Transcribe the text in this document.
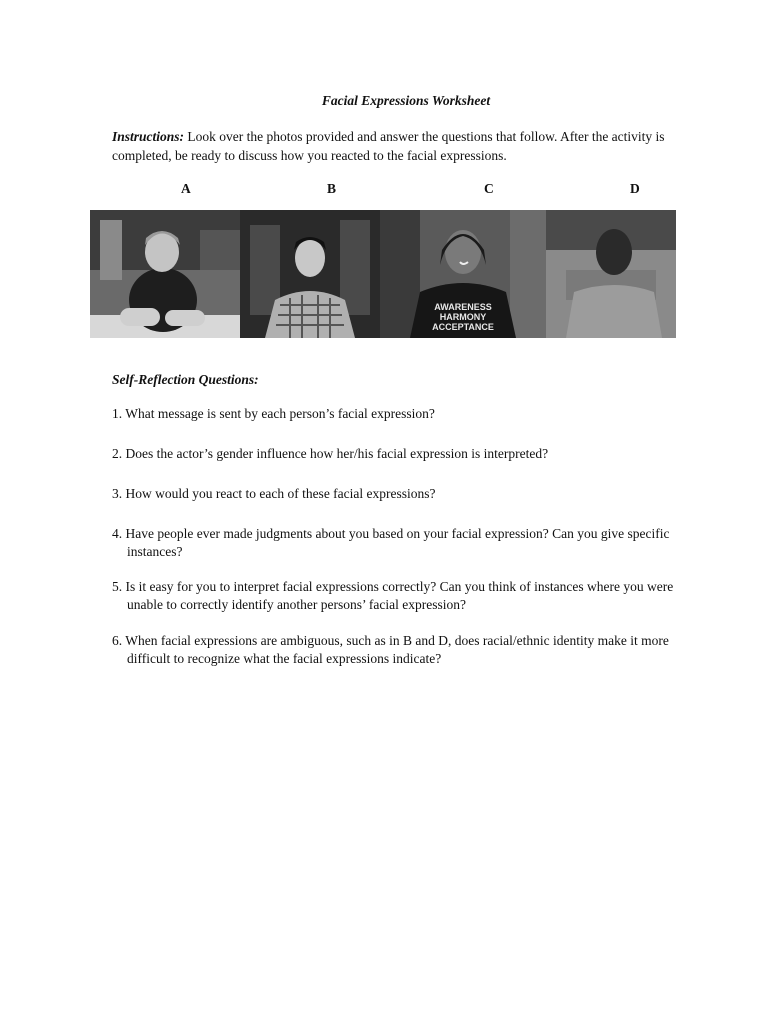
Facial Expressions Worksheet
Instructions: Look over the photos provided and answer the questions that follow. After the activity is completed, be ready to discuss how you reacted to the facial expressions.
A	B	C	D
AWARENESS HARMONY ACCEPTANCE
Self-Reflection Questions:
1. What message is sent by each person’s facial expression?
2. Does the actor’s gender influence how her/his facial expression is interpreted?
3. How would you react to each of these facial expressions?
4. Have people ever made judgments about you based on your facial expression? Can you give specific instances?
5. Is it easy for you to interpret facial expressions correctly? Can you think of instances where you were unable to correctly identify another persons’ facial expression?
6. When facial expressions are ambiguous, such as in B and D, does racial/ethnic identity make it more difficult to recognize what the facial expressions indicate?
